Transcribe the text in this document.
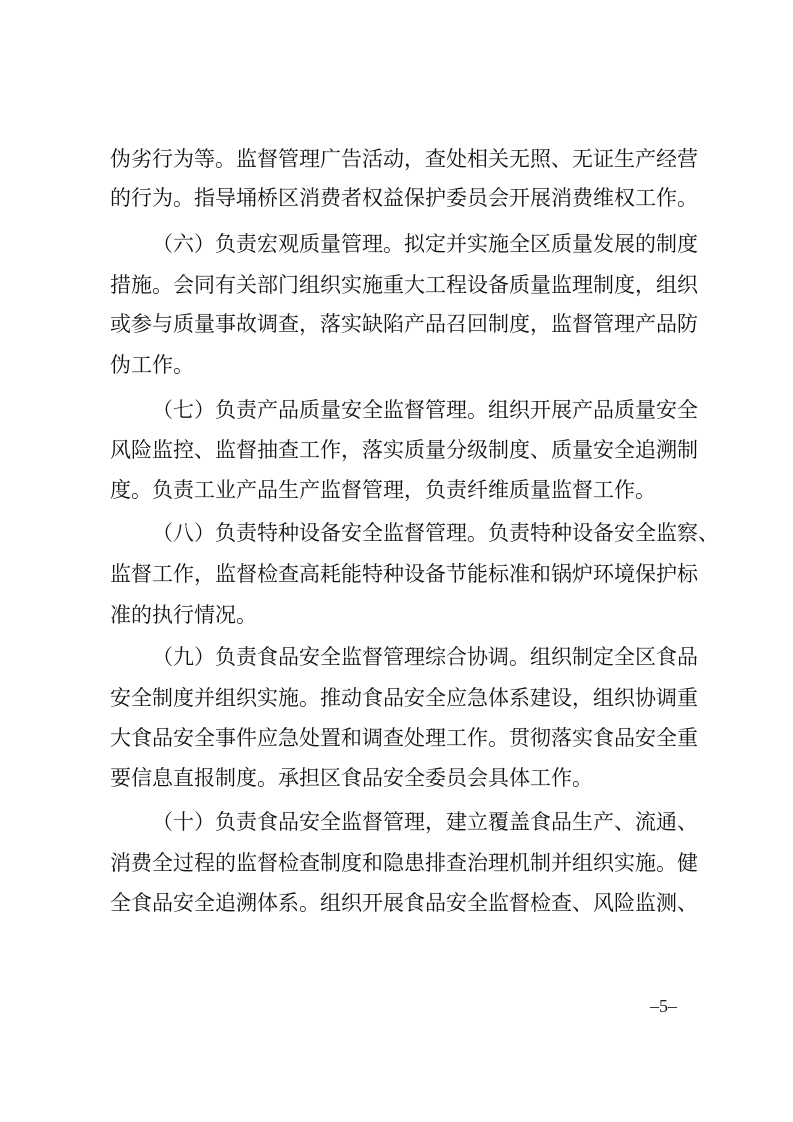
伪劣行为等。监督管理广告活动，查处相关无照、无证生产经营
的行为。指导埇桥区消费者权益保护委员会开展消费维权工作。
（六）负责宏观质量管理。拟定并实施全区质量发展的制度
措施。会同有关部门组织实施重大工程设备质量监理制度，组织
或参与质量事故调查，落实缺陷产品召回制度，监督管理产品防
伪工作。
（七）负责产品质量安全监督管理。组织开展产品质量安全
风险监控、监督抽查工作，落实质量分级制度、质量安全追溯制
度。负责工业产品生产监督管理，负责纤维质量监督工作。
（八）负责特种设备安全监督管理。负责特种设备安全监察、
监督工作，监督检查高耗能特种设备节能标准和锅炉环境保护标
准的执行情况。
（九）负责食品安全监督管理综合协调。组织制定全区食品
安全制度并组织实施。推动食品安全应急体系建设，组织协调重
大食品安全事件应急处置和调查处理工作。贯彻落实食品安全重
要信息直报制度。承担区食品安全委员会具体工作。
（十）负责食品安全监督管理，建立覆盖食品生产、流通、
消费全过程的监督检查制度和隐患排查治理机制并组织实施。健
全食品安全追溯体系。组织开展食品安全监督检查、风险监测、
–5–
